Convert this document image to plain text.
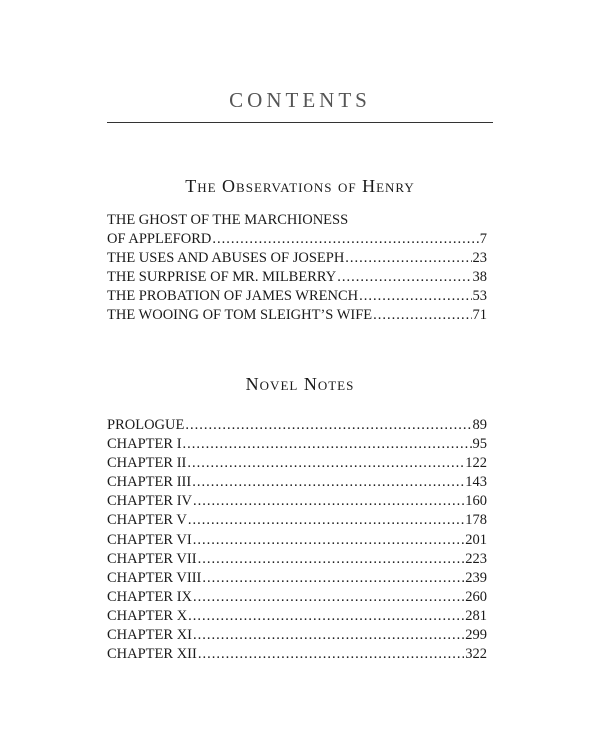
CONTENTS
The Observations of Henry
THE GHOST OF THE MARCHIONESS
OF APPLEFORD .....	7
THE USES AND ABUSES OF JOSEPH .....	23
THE SURPRISE OF MR. MILBERRY .....	38
THE PROBATION OF JAMES WRENCH .....	53
THE WOOING OF TOM SLEIGHT’S WIFE .....	71
Novel Notes
PROLOGUE .....	89
CHAPTER I .....	95
CHAPTER II .....	122
CHAPTER III .....	143
CHAPTER IV .....	160
CHAPTER V .....	178
CHAPTER VI .....	201
CHAPTER VII .....	223
CHAPTER VIII .....	239
CHAPTER IX .....	260
CHAPTER X .....	281
CHAPTER XI .....	299
CHAPTER XII .....	322
